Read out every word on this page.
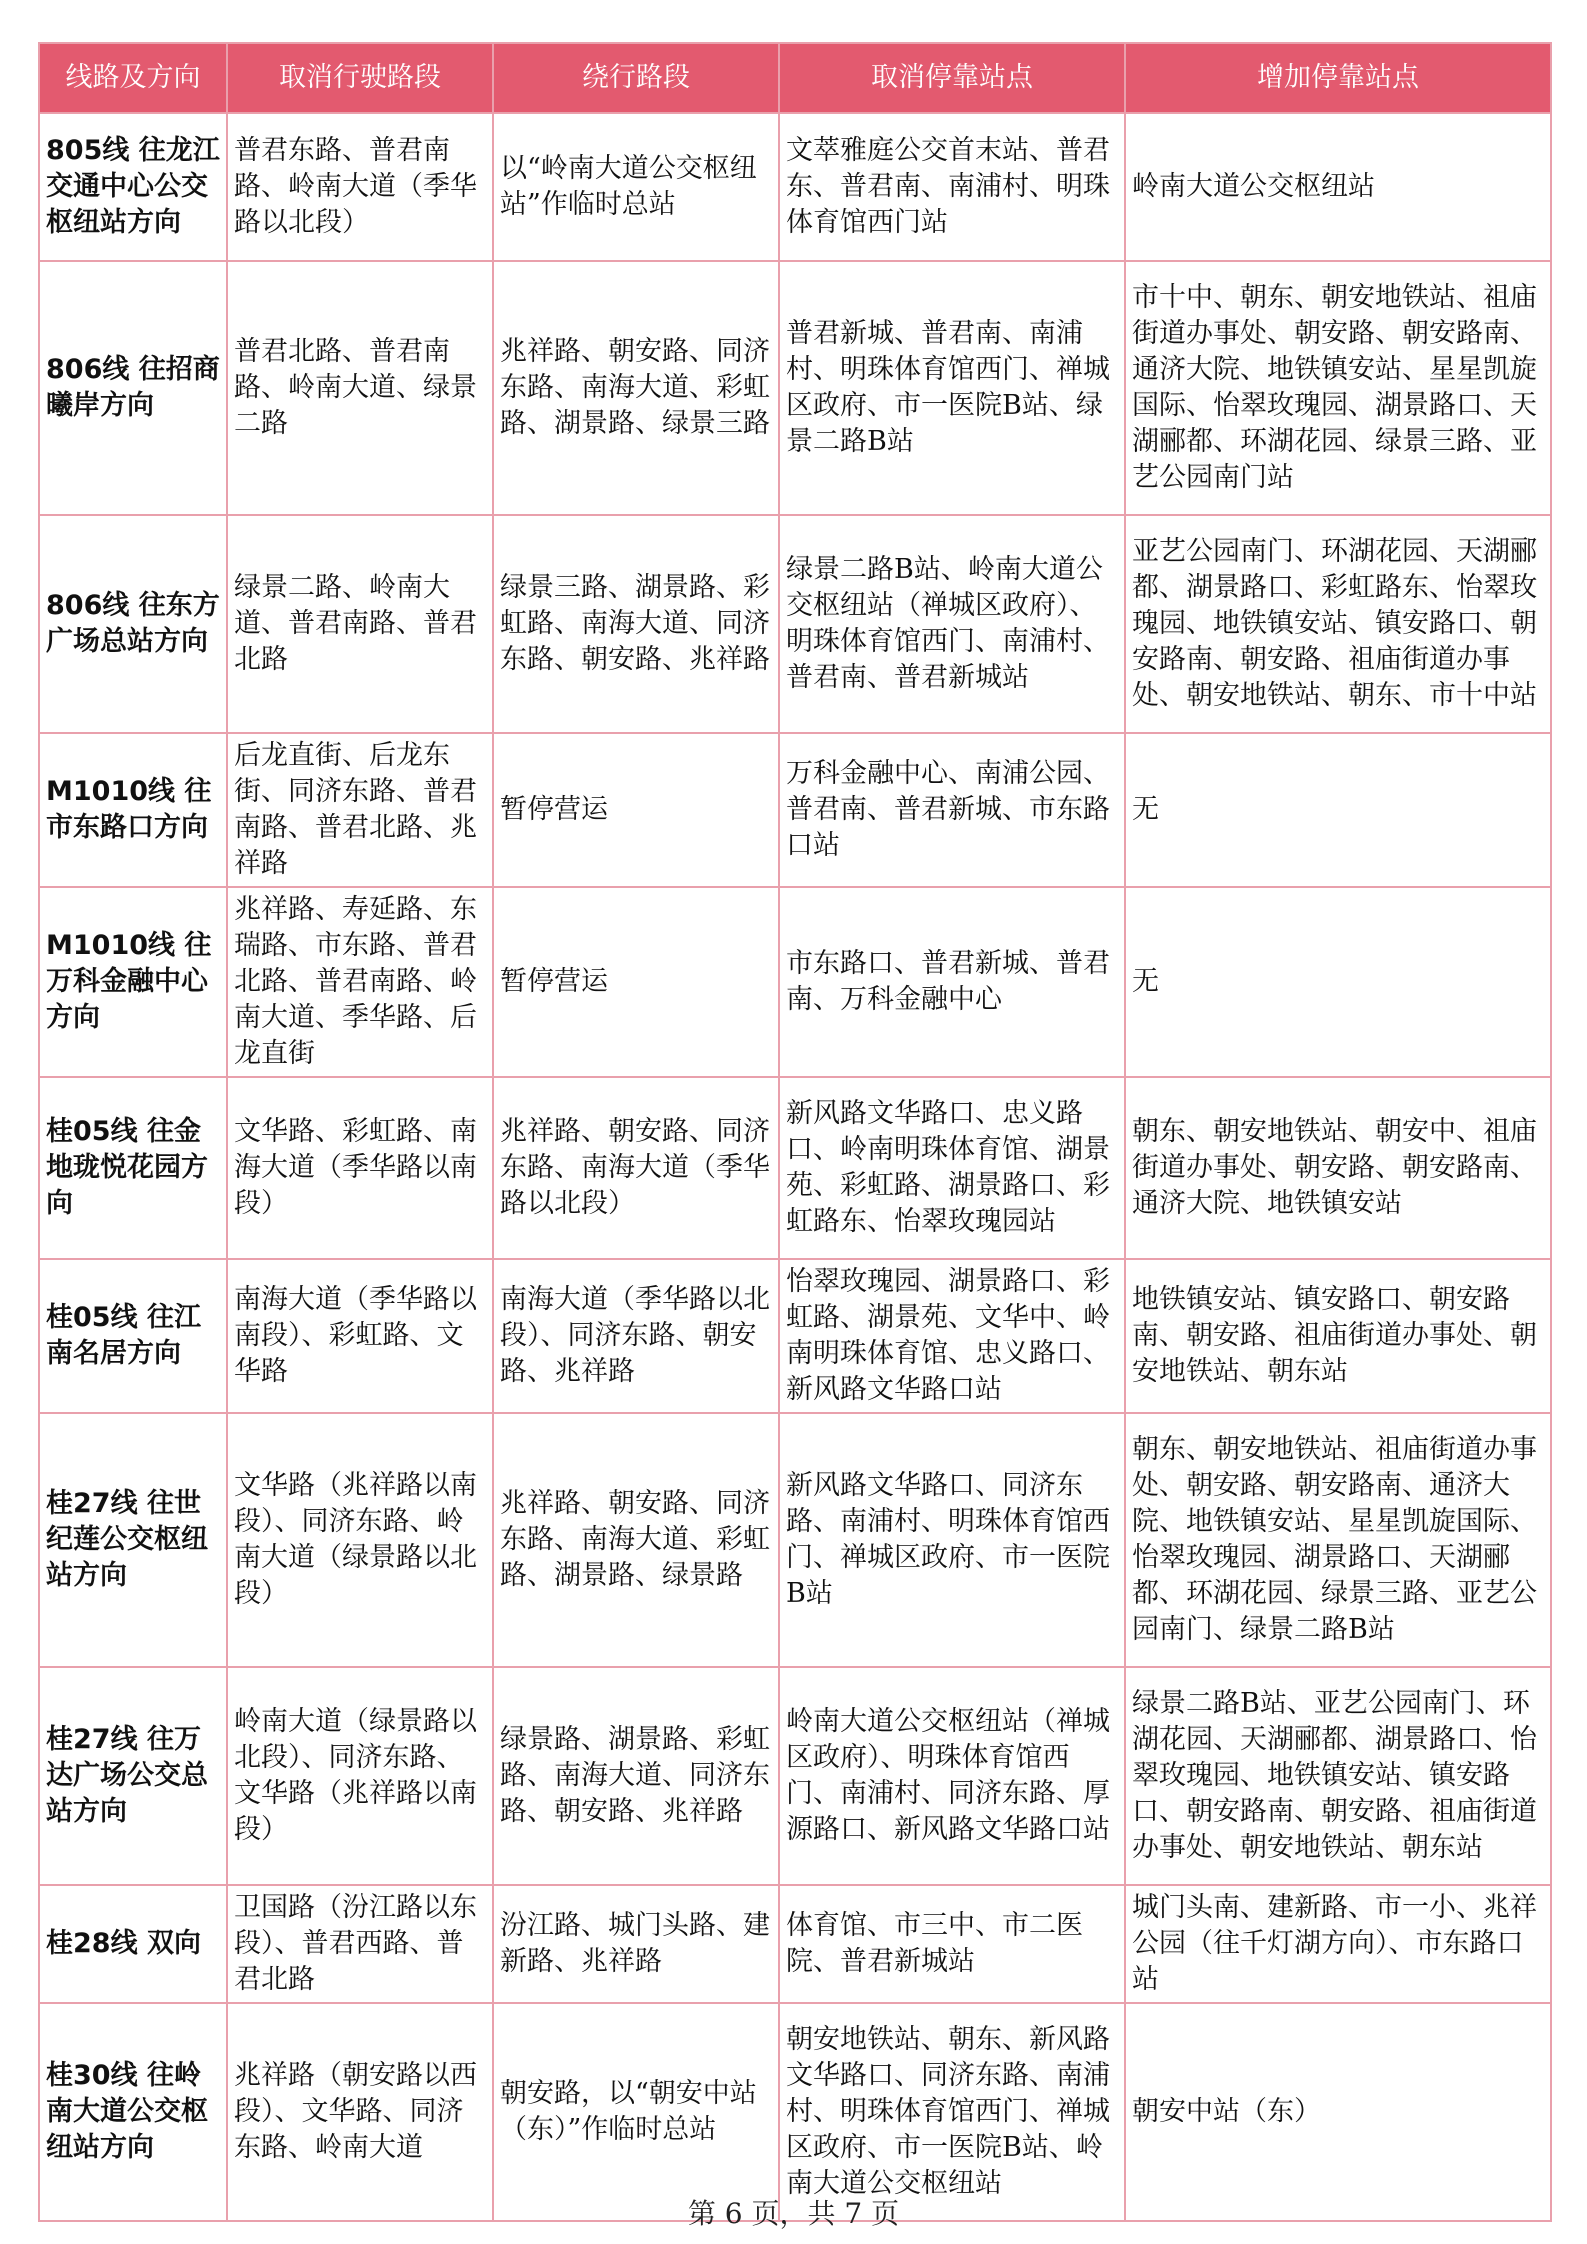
线路及方向	取消行驶路段	绕行路段	取消停靠站点	增加停靠站点
805线 往龙江交通中心公交枢纽站方向	普君东路、普君南路、岭南大道（季华路以北段）	以“岭南大道公交枢纽站”作临时总站	文萃雅庭公交首末站、普君东、普君南、南浦村、明珠体育馆西门站	岭南大道公交枢纽站
806线 往招商曦岸方向	普君北路、普君南路、岭南大道、绿景二路	兆祥路、朝安路、同济东路、南海大道、彩虹路、湖景路、绿景三路	普君新城、普君南、南浦村、明珠体育馆西门、禅城区政府、市一医院B站、绿景二路B站	市十中、朝东、朝安地铁站、祖庙街道办事处、朝安路、朝安路南、通济大院、地铁镇安站、星星凯旋国际、怡翠玫瑰园、湖景路口、天湖郦都、环湖花园、绿景三路、亚艺公园南门站
806线 往东方广场总站方向	绿景二路、岭南大道、普君南路、普君北路	绿景三路、湖景路、彩虹路、南海大道、同济东路、朝安路、兆祥路	绿景二路B站、岭南大道公交枢纽站（禅城区政府）、明珠体育馆西门、南浦村、普君南、普君新城站	亚艺公园南门、环湖花园、天湖郦都、湖景路口、彩虹路东、怡翠玫瑰园、地铁镇安站、镇安路口、朝安路南、朝安路、祖庙街道办事处、朝安地铁站、朝东、市十中站
M1010线 往市东路口方向	后龙直街、后龙东街、同济东路、普君南路、普君北路、兆祥路	暂停营运	万科金融中心、南浦公园、普君南、普君新城、市东路口站	无
M1010线 往万科金融中心方向	兆祥路、寿延路、东瑞路、市东路、普君北路、普君南路、岭南大道、季华路、后龙直街	暂停营运	市东路口、普君新城、普君南、万科金融中心	无
桂05线 往金地珑悦花园方向	文华路、彩虹路、南海大道（季华路以南段）	兆祥路、朝安路、同济东路、南海大道（季华路以北段）	新风路文华路口、忠义路口、岭南明珠体育馆、湖景苑、彩虹路、湖景路口、彩虹路东、怡翠玫瑰园站	朝东、朝安地铁站、朝安中、祖庙街道办事处、朝安路、朝安路南、通济大院、地铁镇安站
桂05线 往江南名居方向	南海大道（季华路以南段）、彩虹路、文华路	南海大道（季华路以北段）、同济东路、朝安路、兆祥路	怡翠玫瑰园、湖景路口、彩虹路、湖景苑、文华中、岭南明珠体育馆、忠义路口、新风路文华路口站	地铁镇安站、镇安路口、朝安路南、朝安路、祖庙街道办事处、朝安地铁站、朝东站
桂27线 往世纪莲公交枢纽站方向	文华路（兆祥路以南段）、同济东路、岭南大道（绿景路以北段）	兆祥路、朝安路、同济东路、南海大道、彩虹路、湖景路、绿景路	新风路文华路口、同济东路、南浦村、明珠体育馆西门、禅城区政府、市一医院B站	朝东、朝安地铁站、祖庙街道办事处、朝安路、朝安路南、通济大院、地铁镇安站、星星凯旋国际、怡翠玫瑰园、湖景路口、天湖郦都、环湖花园、绿景三路、亚艺公园南门、绿景二路B站
桂27线 往万达广场公交总站方向	岭南大道（绿景路以北段）、同济东路、文华路（兆祥路以南段）	绿景路、湖景路、彩虹路、南海大道、同济东路、朝安路、兆祥路	岭南大道公交枢纽站（禅城区政府）、明珠体育馆西门、南浦村、同济东路、厚源路口、新风路文华路口站	绿景二路B站、亚艺公园南门、环湖花园、天湖郦都、湖景路口、怡翠玫瑰园、地铁镇安站、镇安路口、朝安路南、朝安路、祖庙街道办事处、朝安地铁站、朝东站
桂28线 双向	卫国路（汾江路以东段）、普君西路、普君北路	汾江路、城门头路、建新路、兆祥路	体育馆、市三中、市二医院、普君新城站	城门头南、建新路、市一小、兆祥公园（往千灯湖方向）、市东路口站
桂30线 往岭南大道公交枢纽站方向	兆祥路（朝安路以西段）、文华路、同济东路、岭南大道	朝安路，以“朝安中站（东）”作临时总站	朝安地铁站、朝东、新风路文华路口、同济东路、南浦村、明珠体育馆西门、禅城区政府、市一医院B站、岭南大道公交枢纽站	朝安中站（东）
第 6 页，共 7 页
